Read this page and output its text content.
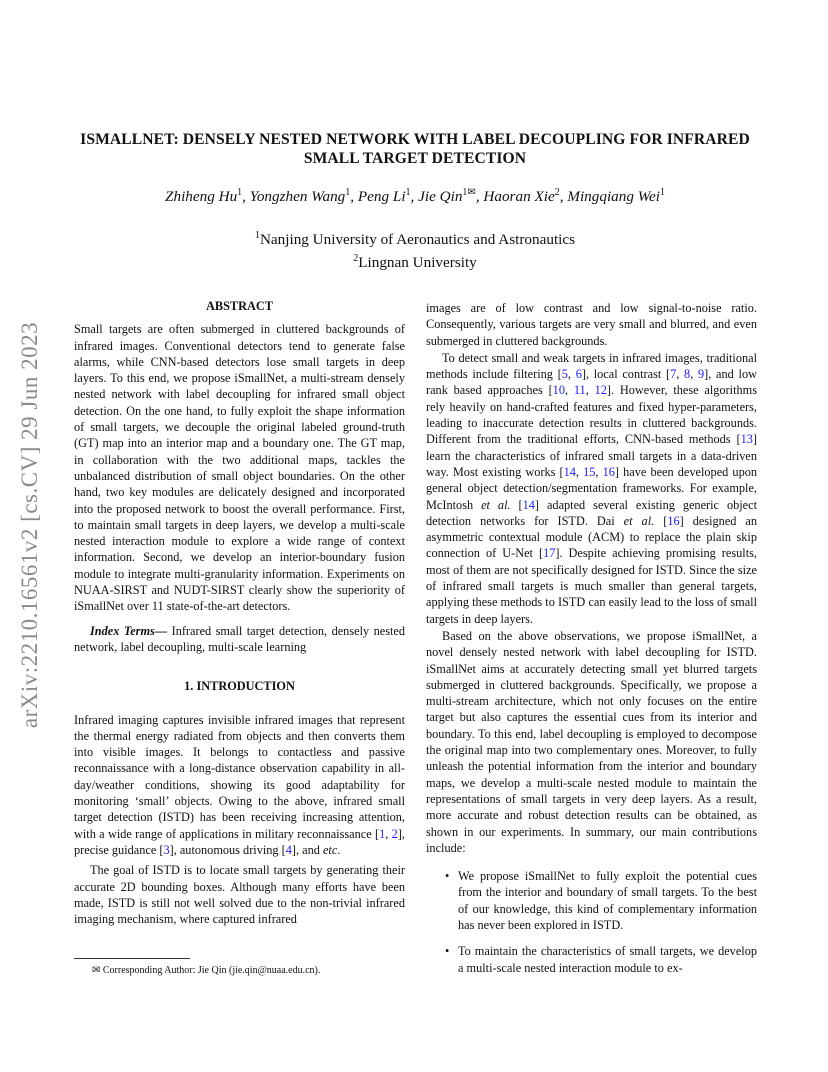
arXiv:2210.16561v2 [cs.CV] 29 Jun 2023
ISMALLNET: DENSELY NESTED NETWORK WITH LABEL DECOUPLING FOR INFRARED SMALL TARGET DETECTION
Zhiheng Hu$^1$, Yongzhen Wang$^1$, Peng Li$^1$, Jie Qin$^{1✉}$, Haoran Xie$^2$, Mingqiang Wei$^1$
$^1$Nanjing University of Aeronautics and Astronautics
$^2$Lingnan University

ABSTRACT

Small targets are often submerged in cluttered backgrounds of infrared images. Conventional detectors tend to generate false alarms, while CNN-based detectors lose small targets in deep layers. To this end, we propose iSmallNet, a multi-stream densely nested network with label decoupling for infrared small object detection. On the one hand, to fully exploit the shape information of small targets, we decouple the original labeled ground-truth (GT) map into an interior map and a boundary one. The GT map, in collaboration with the two additional maps, tackles the unbalanced distribution of small object boundaries. On the other hand, two key modules are delicately designed and incorporated into the proposed network to boost the overall performance. First, to maintain small targets in deep layers, we develop a multi-scale nested interaction module to explore a wide range of context information. Second, we develop an interior-boundary fusion module to integrate multi-granularity information. Experiments on NUAA-SIRST and NUDT-SIRST clearly show the superiority of iSmallNet over 11 state-of-the-art detectors.

Index Terms— Infrared small target detection, densely nested network, label decoupling, multi-scale learning

1. INTRODUCTION

Infrared imaging captures invisible infrared images that represent the thermal energy radiated from objects and then converts them into visible images. It belongs to contactless and passive reconnaissance with a long-distance observation capability in all-day/weather conditions, showing its good adaptability for monitoring ‘small’ objects. Owing to the above, infrared small target detection (ISTD) has been receiving increasing attention, with a wide range of applications in military reconnaissance [1, 2], precise guidance [3], autonomous driving [4], and etc.

The goal of ISTD is to locate small targets by generating their accurate 2D bounding boxes. Although many efforts have been made, ISTD is still not well solved due to the non-trivial infrared imaging mechanism, where captured infrared

images are of low contrast and low signal-to-noise ratio. Consequently, various targets are very small and blurred, and even submerged in cluttered backgrounds.

To detect small and weak targets in infrared images, traditional methods include filtering [5, 6], local contrast [7, 8, 9], and low rank based approaches [10, 11, 12]. However, these algorithms rely heavily on hand-crafted features and fixed hyper-parameters, leading to inaccurate detection results in cluttered backgrounds. Different from the traditional efforts, CNN-based methods [13] learn the characteristics of infrared small targets in a data-driven way. Most existing works [14, 15, 16] have been developed upon general object detection/segmentation frameworks. For example, McIntosh et al. [14] adapted several existing generic object detection networks for ISTD. Dai et al. [16] designed an asymmetric contextual module (ACM) to replace the plain skip connection of U-Net [17]. Despite achieving promising results, most of them are not specifically designed for ISTD. Since the size of infrared small targets is much smaller than general targets, applying these methods to ISTD can easily lead to the loss of small targets in deep layers.

Based on the above observations, we propose iSmallNet, a novel densely nested network with label decoupling for ISTD. iSmallNet aims at accurately detecting small yet blurred targets submerged in cluttered backgrounds. Specifically, we propose a multi-stream architecture, which not only focuses on the entire target but also captures the essential cues from its interior and boundary. To this end, label decoupling is employed to decompose the original map into two complementary ones. Moreover, to fully unleash the potential information from the interior and boundary maps, we develop a multi-scale nested module to maintain the representations of small targets in very deep layers. As a result, more accurate and robust detection results can be obtained, as shown in our experiments. In summary, our main contributions include:

• We propose iSmallNet to fully exploit the potential cues from the interior and boundary of small targets. To the best of our knowledge, this kind of complementary information has never been explored in ISTD.
• To maintain the characteristics of small targets, we develop a multi-scale nested interaction module to ex-
✉ Corresponding Author: Jie Qin (jie.qin@nuaa.edu.cn).
